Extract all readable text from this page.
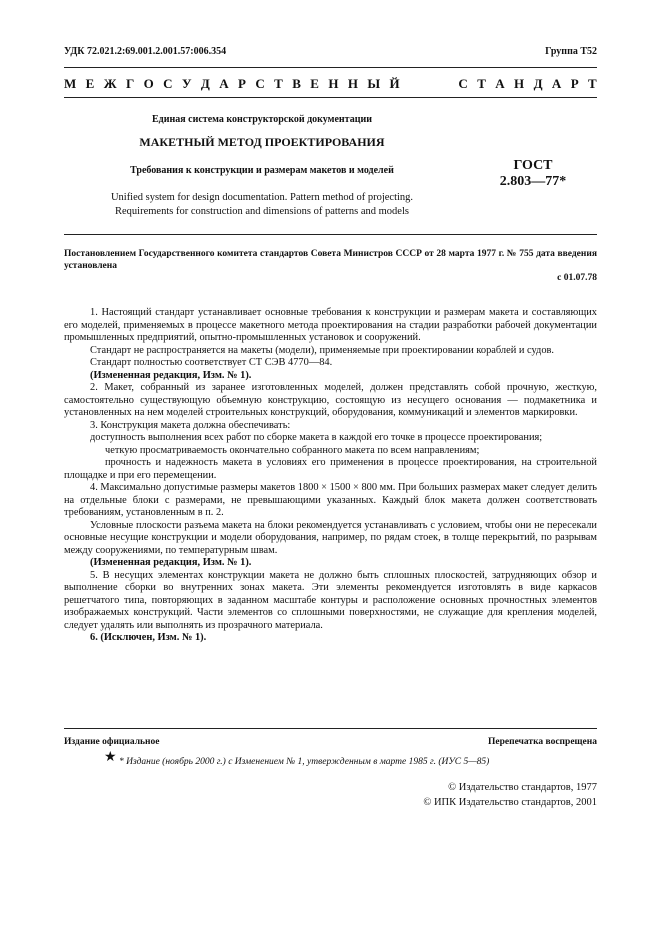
УДК 72.021.2:69.001.2.001.57:006.354	Группа Т52
М Е Ж Г О С У Д А Р С Т В Е Н Н Ы Й	С Т А Н Д А Р Т
Единая система конструкторской документации
МАКЕТНЫЙ МЕТОД ПРОЕКТИРОВАНИЯ
Требования к конструкции и размерам макетов и моделей	ГОСТ
2.803—77*
Unified system for design documentation. Pattern method of projecting.
Requirements for construction and dimensions of patterns and models
Постановлением Государственного комитета стандартов Совета Министров СССР от 28 марта 1977 г. № 755 дата введения установлена
с 01.07.78

1. Настоящий стандарт устанавливает основные требования к конструкции и размерам макета и составляющих его моделей, применяемых в процессе макетного метода проектирования на стадии разработки рабочей документации промышленных предприятий, опытно-промышленных установок и сооружений.

Стандарт не распространяется на макеты (модели), применяемые при проектировании кораблей и судов.

Стандарт полностью соответствует СТ СЭВ 4770—84.

(Измененная редакция, Изм. № 1).

2. Макет, собранный из заранее изготовленных моделей, должен представлять собой прочную, жесткую, самостоятельно существующую объемную конструкцию, состоящую из несущего основания — подмакетника и установленных на нем моделей строительных конструкций, оборудования, коммуникаций и элементов маркировки.

3. Конструкция макета должна обеспечивать:

доступность выполнения всех работ по сборке макета в каждой его точке в процессе проектирования;

четкую просматриваемость окончательно собранного макета по всем направлениям;

прочность и надежность макета в условиях его применения в процессе проектирования, на строительной площадке и при его перемещении.

4. Максимально допустимые размеры макетов 1800 × 1500 × 800 мм. При больших размерах макет следует делить на отдельные блоки с размерами, не превышающими указанных. Каждый блок макета должен соответствовать требованиям, установленным в п. 2.

Условные плоскости разъема макета на блоки рекомендуется устанавливать с условием, чтобы они не пересекали основные несущие конструкции и модели оборудования, например, по рядам стоек, в толще перекрытий, по разрывам между сооружениями, по температурным швам.

(Измененная редакция, Изм. № 1).

5. В несущих элементах конструкции макета не должно быть сплошных плоскостей, затрудняющих обзор и выполнение сборки во внутренних зонах макета. Эти элементы рекомендуется изготовлять в виде каркасов решетчатого типа, повторяющих в заданном масштабе контуры и расположение основных прочностных элементов изображаемых конструкций. Части элементов со сплошными поверхностями, не служащие для крепления моделей, следует удалять или выполнять из прозрачного материала.

6. (Исключен, Изм. № 1).

Издание официальное	Перепечатка воспрещена
★ * Издание (ноябрь 2000 г.) с Изменением № 1, утвержденным в марте 1985 г. (ИУС 5—85)
© Издательство стандартов, 1977
© ИПК Издательство стандартов, 2001
